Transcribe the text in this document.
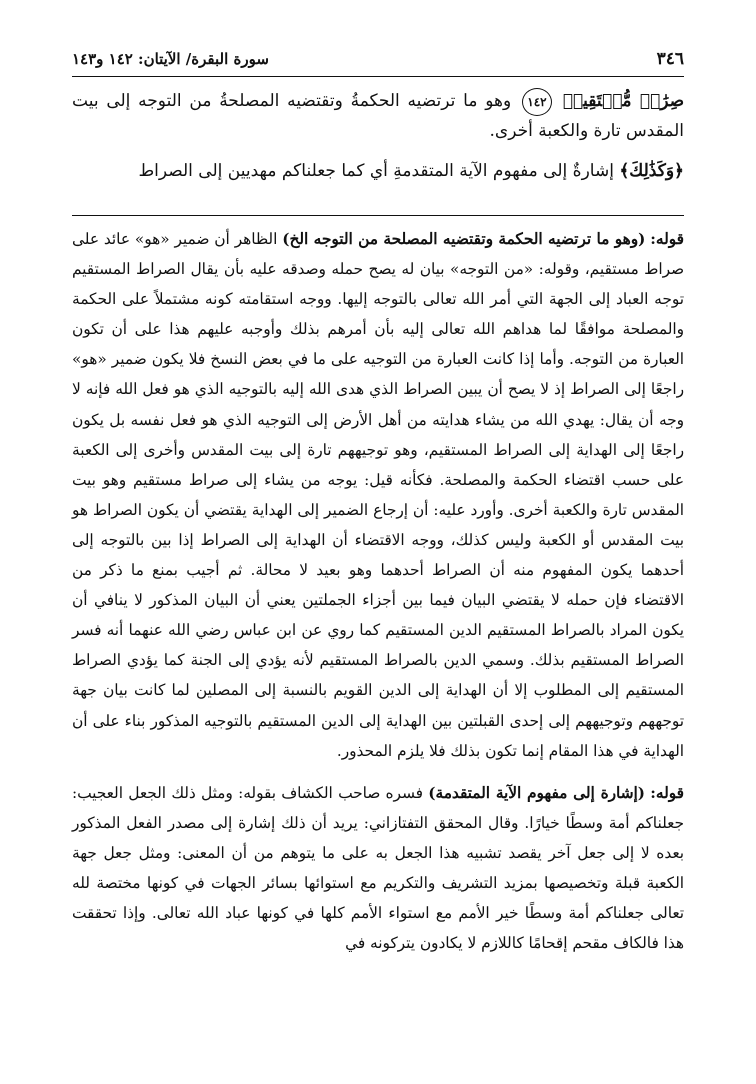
٣٤٦
سورة البقرة/ الآيتان: ١٤٢ و١٤٣

صِرَٰطٖ مُّسۡتَقِيمٖ ١٤٢ وهو ما ترتضيه الحكمةُ وتقتضيه المصلحةُ من التوجه إلى بيت المقدس تارة والكعبة أخرى.

﴿وَكَذَٰلِكَ﴾ إشارةٌ إلى مفهوم الآية المتقدمةِ أي كما جعلناكم مهديين إلى الصراط

قوله: (وهو ما ترتضيه الحكمة وتقتضيه المصلحة من التوجه الخ) الظاهر أن ضمير «هو» عائد على صراط مستقيم، وقوله: «من التوجه» بيان له يصح حمله وصدقه عليه بأن يقال الصراط المستقيم توجه العباد إلى الجهة التي أمر الله تعالى بالتوجه إليها. ووجه استقامته كونه مشتملاً على الحكمة والمصلحة موافقًا لما هداهم الله تعالى إليه بأن أمرهم بذلك وأوجبه عليهم هذا على أن تكون العبارة من التوجه. وأما إذا كانت العبارة من التوجيه على ما في بعض النسخ فلا يكون ضمير «هو» راجعًا إلى الصراط إذ لا يصح أن يبين الصراط الذي هدى الله إليه بالتوجيه الذي هو فعل الله فإنه لا وجه أن يقال: يهدي الله من يشاء هدايته من أهل الأرض إلى التوجيه الذي هو فعل نفسه بل يكون راجعًا إلى الهداية إلى الصراط المستقيم، وهو توجيههم تارة إلى بيت المقدس وأخرى إلى الكعبة على حسب اقتضاء الحكمة والمصلحة. فكأنه قيل: يوجه من يشاء إلى صراط مستقيم وهو بيت المقدس تارة والكعبة أخرى. وأورد عليه: أن إرجاع الضمير إلى الهداية يقتضي أن يكون الصراط هو بيت المقدس أو الكعبة وليس كذلك، ووجه الاقتضاء أن الهداية إلى الصراط إذا بين بالتوجه إلى أحدهما يكون المفهوم منه أن الصراط أحدهما وهو بعيد لا محالة. ثم أجيب بمنع ما ذكر من الاقتضاء فإن حمله لا يقتضي البيان فيما بين أجزاء الجملتين يعني أن البيان المذكور لا ينافي أن يكون المراد بالصراط المستقيم الدين المستقيم كما روي عن ابن عباس رضي الله عنهما أنه فسر الصراط المستقيم بذلك. وسمي الدين بالصراط المستقيم لأنه يؤدي إلى الجنة كما يؤدي الصراط المستقيم إلى المطلوب إلا أن الهداية إلى الدين القويم بالنسبة إلى المصلين لما كانت بيان جهة توجههم وتوجيههم إلى إحدى القبلتين بين الهداية إلى الدين المستقيم بالتوجيه المذكور بناء على أن الهداية في هذا المقام إنما تكون بذلك فلا يلزم المحذور.

قوله: (إشارة إلى مفهوم الآية المتقدمة) فسره صاحب الكشاف بقوله: ومثل ذلك الجعل العجيب: جعلناكم أمة وسطًا خيارًا. وقال المحقق التفتازاني: يريد أن ذلك إشارة إلى مصدر الفعل المذكور بعده لا إلى جعل آخر يقصد تشبيه هذا الجعل به على ما يتوهم من أن المعنى: ومثل جعل جهة الكعبة قبلة وتخصيصها بمزيد التشريف والتكريم مع استوائها بسائر الجهات في كونها مختصة لله تعالى جعلناكم أمة وسطًا خير الأمم مع استواء الأمم كلها في كونها عباد الله تعالى. وإذا تحققت هذا فالكاف مقحم إقحامًا كاللازم لا يكادون يتركونه في
